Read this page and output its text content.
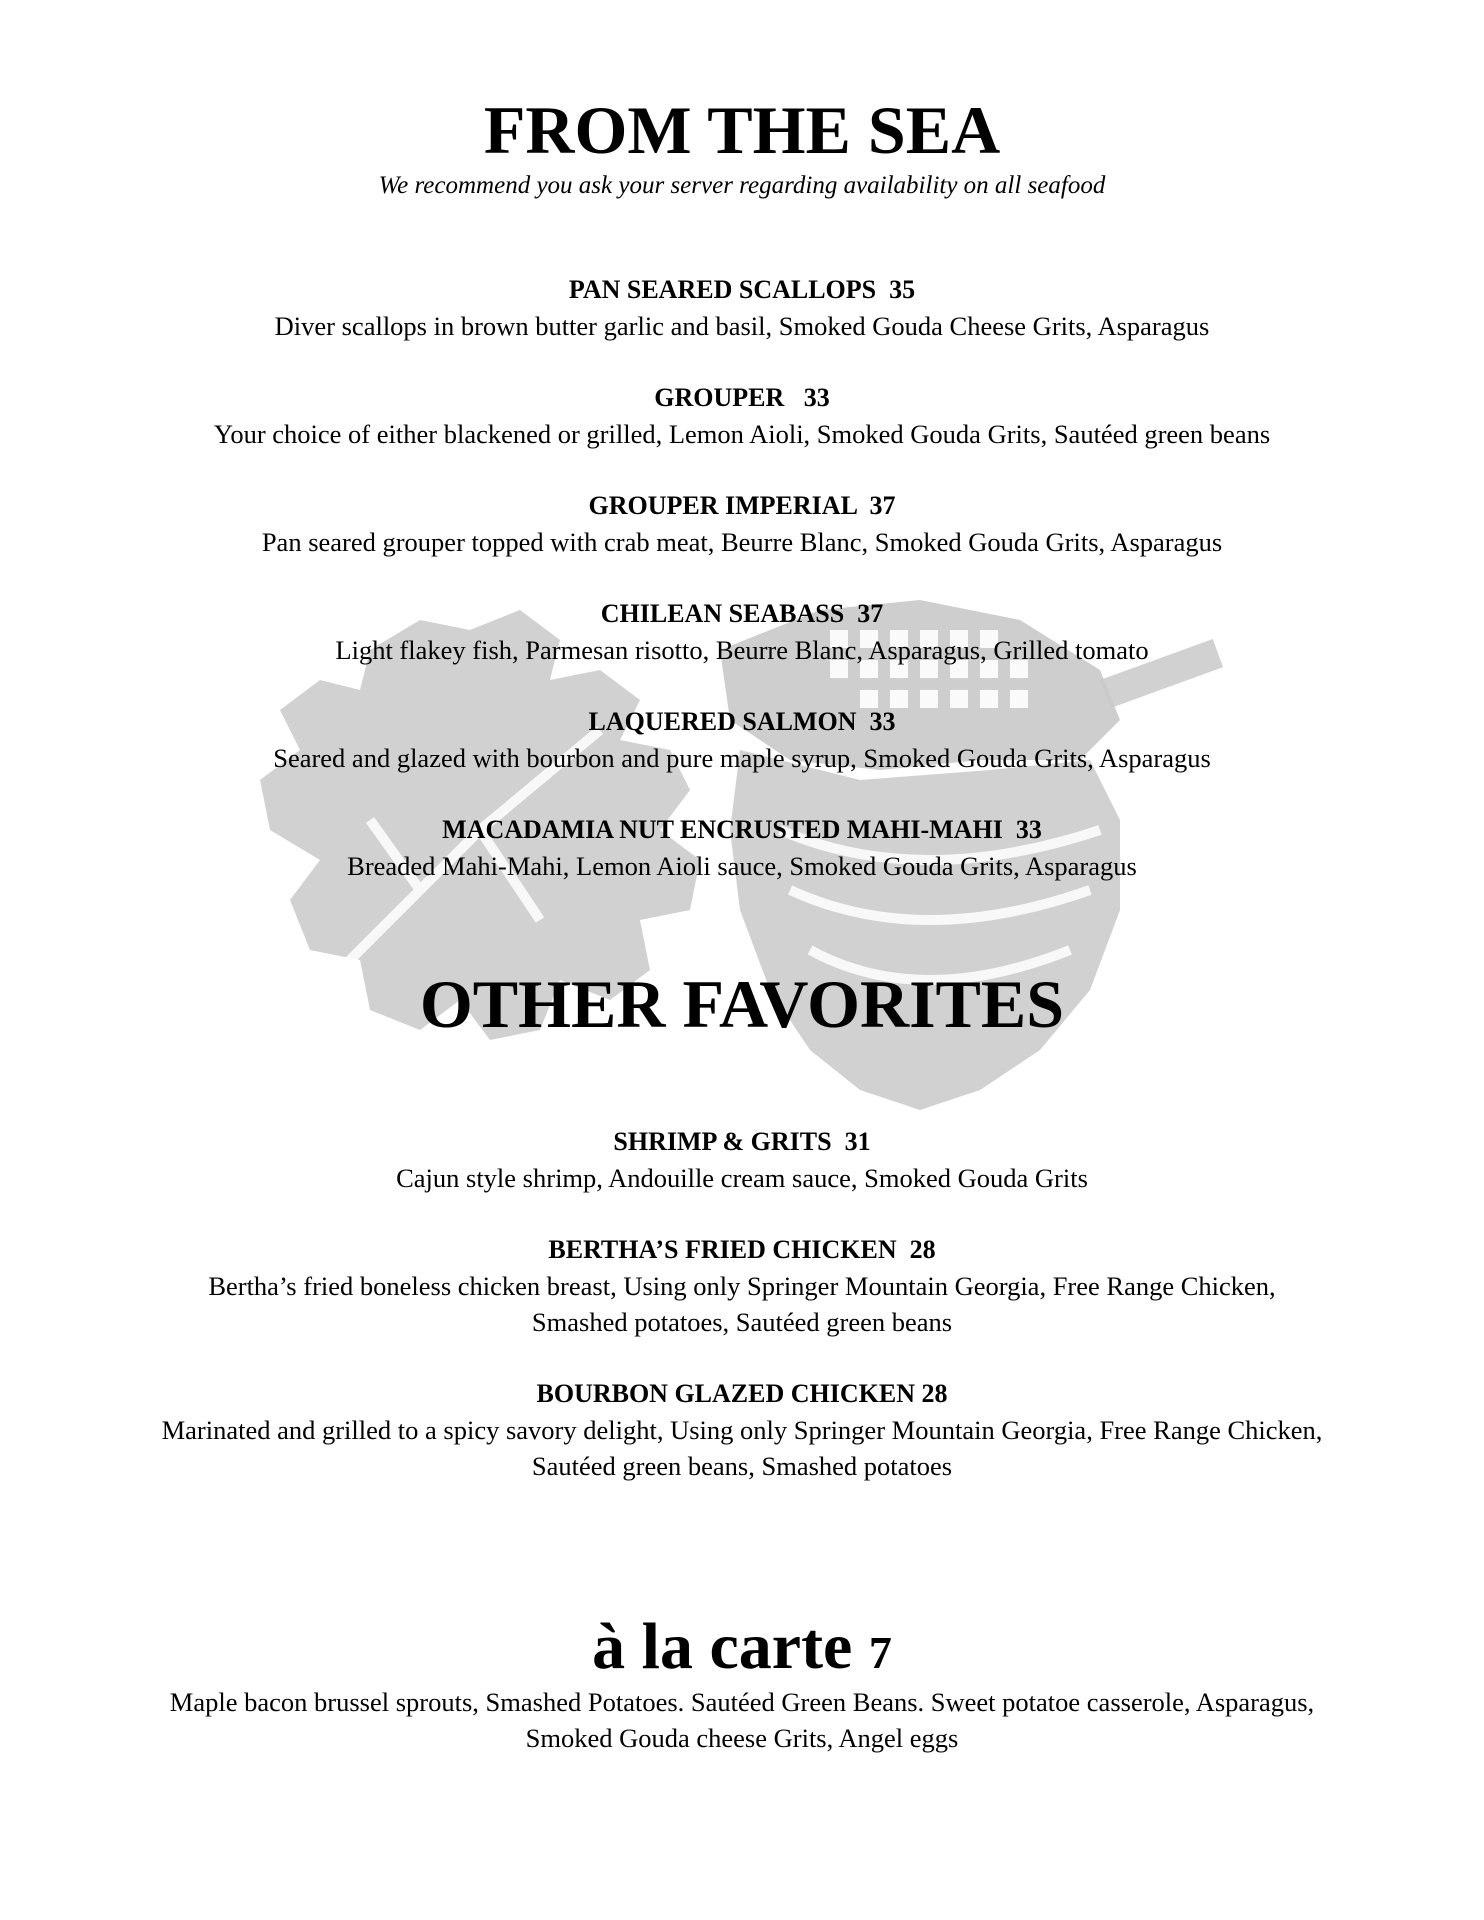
FROM THE SEA

We recommend you ask your server regarding availability on all seafood

PAN SEARED SCALLOPS  35
Diver scallops in brown butter garlic and basil, Smoked Gouda Cheese Grits, Asparagus
GROUPER   33
Your choice of either blackened or grilled, Lemon Aioli, Smoked Gouda Grits, Sautéed green beans
GROUPER IMPERIAL  37
Pan seared grouper topped with crab meat, Beurre Blanc, Smoked Gouda Grits, Asparagus
CHILEAN SEABASS  37
Light flakey fish, Parmesan risotto, Beurre Blanc, Asparagus, Grilled tomato
LAQUERED SALMON  33
Seared and glazed with bourbon and pure maple syrup, Smoked Gouda Grits, Asparagus
MACADAMIA NUT ENCRUSTED MAHI-MAHI  33
Breaded Mahi-Mahi, Lemon Aioli sauce, Smoked Gouda Grits, Asparagus
OTHER FAVORITES
SHRIMP & GRITS  31
Cajun style shrimp, Andouille cream sauce, Smoked Gouda Grits
BERTHA’S FRIED CHICKEN  28
Bertha’s fried boneless chicken breast, Using only Springer Mountain Georgia, Free Range Chicken,
Smashed potatoes, Sautéed green beans
BOURBON GLAZED CHICKEN 28
Marinated and grilled to a spicy savory delight, Using only Springer Mountain Georgia, Free Range Chicken,
Sautéed green beans, Smashed potatoes
à la carte 7
Maple bacon brussel sprouts, Smashed Potatoes. Sautéed Green Beans. Sweet potatoe casserole, Asparagus,
Smoked Gouda cheese Grits, Angel eggs
